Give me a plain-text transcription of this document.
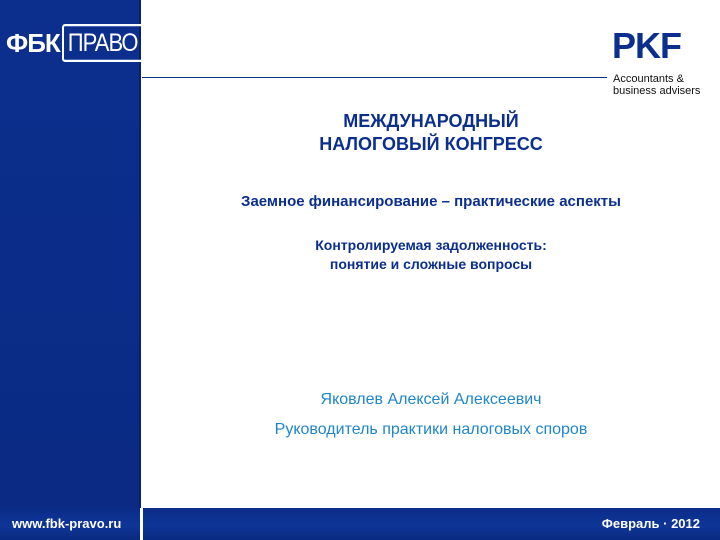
ФБК ПРАВО	PKF
Accountants &
business advisers
МЕЖДУНАРОДНЫЙ
НАЛОГОВЫЙ КОНГРЕСС
Заемное финансирование – практические аспекты
Контролируемая задолженность:
понятие и сложные вопросы
Яковлев Алексей Алексеевич
Руководитель практики налоговых споров
www.fbk-pravo.ru	Февраль · 2012
